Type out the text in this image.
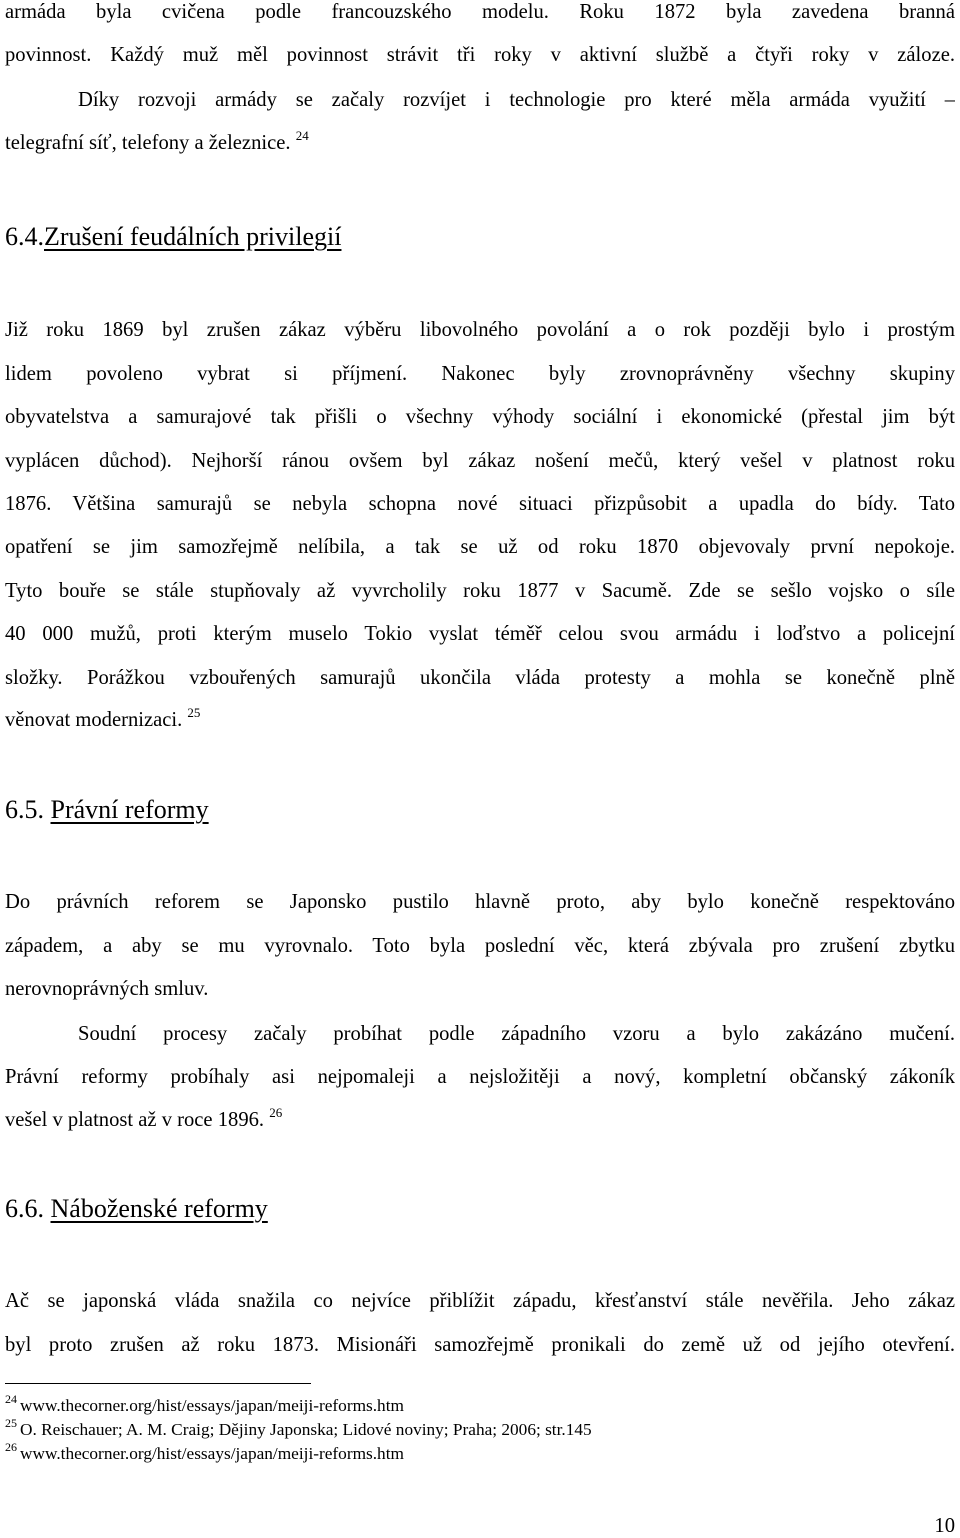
armáda byla cvičena podle francouzského modelu. Roku 1872 byla zavedena branná
povinnost. Každý muž měl povinnost strávit tři roky v aktivní službě a čtyři roky v záloze.
Díky rozvoji armády se začaly rozvíjet i technologie pro které měla armáda využití –
telegrafní síť, telefony a železnice. $^{24}$
6.4.Zrušení feudálních privilegií
Již roku 1869 byl zrušen zákaz výběru libovolného povolání a o rok později bylo i prostým
lidem povoleno vybrat si příjmení. Nakonec byly zrovnoprávněny všechny skupiny
obyvatelstva a samurajové tak přišli o všechny výhody sociální i ekonomické (přestal jim být
vyplácen důchod). Nejhorší ránou ovšem byl zákaz nošení mečů, který vešel v platnost roku
1876. Většina samurajů se nebyla schopna nové situaci přizpůsobit a upadla do bídy. Tato
opatření se jim samozřejmě nelíbila, a tak se už od roku 1870 objevovaly první nepokoje.
Tyto bouře se stále stupňovaly až vyvrcholily roku 1877 v Sacumě. Zde se sešlo vojsko o síle
40 000 mužů, proti kterým muselo Tokio vyslat téměř celou svou armádu i loďstvo a policejní
složky. Porážkou vzbouřených samurajů ukončila vláda protesty a mohla se konečně plně
věnovat modernizaci. $^{25}$
6.5. Právní reformy
Do právních reforem se Japonsko pustilo hlavně proto, aby bylo konečně respektováno
západem, a aby se mu vyrovnalo. Toto byla poslední věc, která zbývala pro zrušení zbytku
nerovnoprávných smluv.
Soudní procesy začaly probíhat podle západního vzoru a bylo zakázáno mučení.
Právní reformy probíhaly asi nejpomaleji a nejsložitěji a nový, kompletní občanský zákoník
vešel v platnost až v roce 1896. $^{26}$
6.6. Náboženské reformy
Ač se japonská vláda snažila co nejvíce přiblížit západu, křesťanství stále nevěřila. Jeho zákaz
byl proto zrušen až roku 1873. Misionáři samozřejmě pronikali do země už od jejího otevření.
$^{24}$ www.thecorner.org/hist/essays/japan/meiji-reforms.htm
$^{25}$ O. Reischauer; A. M. Craig; Dějiny Japonska; Lidové noviny; Praha; 2006; str.145
$^{26}$ www.thecorner.org/hist/essays/japan/meiji-reforms.htm
10
